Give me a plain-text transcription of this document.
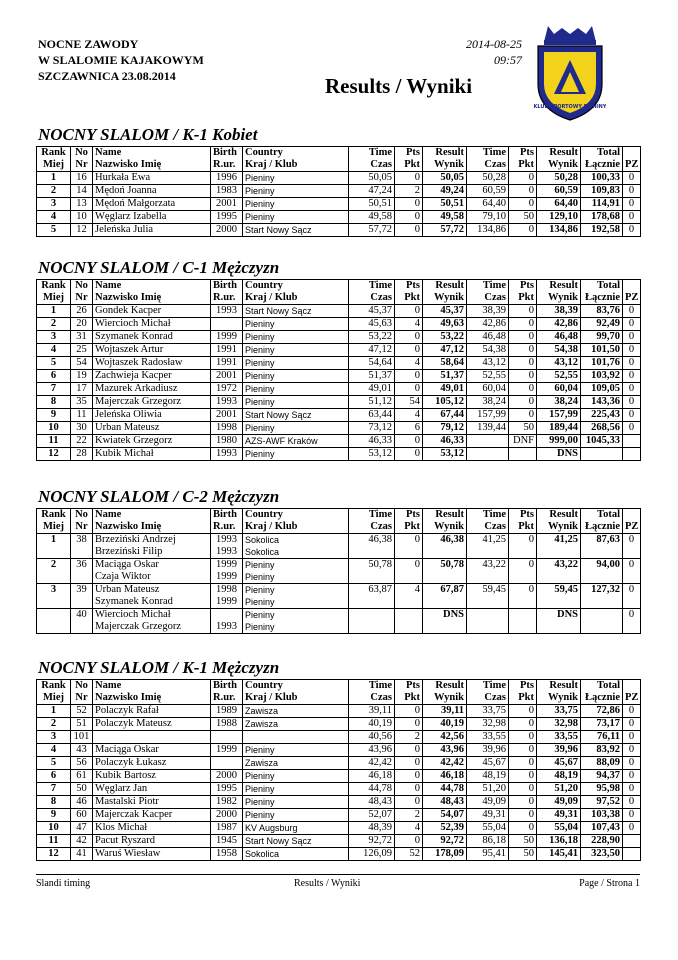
NOCNE ZAWODY
W SLALOMIE KAJAKOWYM
SZCZAWNICA 23.08.2014
2014-08-25
09:57
Results / Wyniki
KLUB SPORTOWY PIENINY
NOCNY SLALOM / K-1 Kobiet
Rank	No	Name	Birth	Country	Time	Pts	Result	Time	Pts	Result	Total	
Miej	Nr	Nazwisko Imię	R.ur.	Kraj / Klub	Czas	Pkt	Wynik	Czas	Pkt	Wynik	Łącznie	PZ
1	16	Hurkała Ewa	1996	Pieniny	50,05	0	50,05	50,28	0	50,28	100,33	0
2	14	Mędoń Joanna	1983	Pieniny	47,24	2	49,24	60,59	0	60,59	109,83	0
3	13	Mędoń Małgorzata	2001	Pieniny	50,51	0	50,51	64,40	0	64,40	114,91	0
4	10	Węglarz Izabella	1995	Pieniny	49,58	0	49,58	79,10	50	129,10	178,68	0
5	12	Jeleńska Julia	2000	Start Nowy Sącz	57,72	0	57,72	134,86	0	134,86	192,58	0
NOCNY SLALOM / C-1 Mężczyzn
Rank	No	Name	Birth	Country	Time	Pts	Result	Time	Pts	Result	Total	
Miej	Nr	Nazwisko Imię	R.ur.	Kraj / Klub	Czas	Pkt	Wynik	Czas	Pkt	Wynik	Łącznie	PZ
1	26	Gondek Kacper	1993	Start Nowy Sącz	45,37	0	45,37	38,39	0	38,39	83,76	0
2	20	Wiercioch Michał		Pieniny	45,63	4	49,63	42,86	0	42,86	92,49	0
3	31	Szymanek Konrad	1999	Pieniny	53,22	0	53,22	46,48	0	46,48	99,70	0
4	25	Wojtaszek Artur	1991	Pieniny	47,12	0	47,12	54,38	0	54,38	101,50	0
5	54	Wojtaszek Radosław	1991	Pieniny	54,64	4	58,64	43,12	0	43,12	101,76	0
6	19	Zachwieja Kacper	2001	Pieniny	51,37	0	51,37	52,55	0	52,55	103,92	0
7	17	Mazurek Arkadiusz	1972	Pieniny	49,01	0	49,01	60,04	0	60,04	109,05	0
8	35	Majerczak Grzegorz	1993	Pieniny	51,12	54	105,12	38,24	0	38,24	143,36	0
9	11	Jeleńska Oliwia	2001	Start Nowy Sącz	63,44	4	67,44	157,99	0	157,99	225,43	0
10	30	Urban Mateusz	1998	Pieniny	73,12	6	79,12	139,44	50	189,44	268,56	0
11	22	Kwiatek Grzegorz	1980	AZS-AWF Kraków	46,33	0	46,33		DNF	999,00	1045,33	
12	28	Kubik Michał	1993	Pieniny	53,12	0	53,12			DNS		
NOCNY SLALOM / C-2 Mężczyzn
Rank	No	Name	Birth	Country	Time	Pts	Result	Time	Pts	Result	Total	
Miej	Nr	Nazwisko Imię	R.ur.	Kraj / Klub	Czas	Pkt	Wynik	Czas	Pkt	Wynik	Łącznie	PZ
1	38	Brzeziński Andrzej	1993	Sokolica	46,38	0	46,38	41,25	0	41,25	87,63	0
		Brzeziński Filip	1993	Sokolica								
2	36	Maciąga Oskar	1999	Pieniny	50,78	0	50,78	43,22	0	43,22	94,00	0
		Czaja Wiktor	1999	Pieniny								
3	39	Urban Mateusz	1998	Pieniny	63,87	4	67,87	59,45	0	59,45	127,32	0
		Szymanek Konrad	1999	Pieniny								
	40	Wiercioch Michał		Pieniny			DNS			DNS		0
		Majerczak Grzegorz	1993	Pieniny								
NOCNY SLALOM / K-1 Mężczyzn
Rank	No	Name	Birth	Country	Time	Pts	Result	Time	Pts	Result	Total	
Miej	Nr	Nazwisko Imię	R.ur.	Kraj / Klub	Czas	Pkt	Wynik	Czas	Pkt	Wynik	Łącznie	PZ
1	52	Polaczyk Rafał	1989	Zawisza	39,11	0	39,11	33,75	0	33,75	72,86	0
2	51	Polaczyk Mateusz	1988	Zawisza	40,19	0	40,19	32,98	0	32,98	73,17	0
3	101				40,56	2	42,56	33,55	0	33,55	76,11	0
4	43	Maciąga Oskar	1999	Pieniny	43,96	0	43,96	39,96	0	39,96	83,92	0
5	56	Polaczyk Łukasz		Zawisza	42,42	0	42,42	45,67	0	45,67	88,09	0
6	61	Kubik Bartosz	2000	Pieniny	46,18	0	46,18	48,19	0	48,19	94,37	0
7	50	Węglarz Jan	1995	Pieniny	44,78	0	44,78	51,20	0	51,20	95,98	0
8	46	Mastalski Piotr	1982	Pieniny	48,43	0	48,43	49,09	0	49,09	97,52	0
9	60	Majerczak Kacper	2000	Pieniny	52,07	2	54,07	49,31	0	49,31	103,38	0
10	47	Klos Michał	1987	KV Augsburg	48,39	4	52,39	55,04	0	55,04	107,43	0
11	42	Pacut Ryszard	1945	Start Nowy Sącz	92,72	0	92,72	86,18	50	136,18	228,90	
12	41	Waruś Wiesław	1958	Sokolica	126,09	52	178,09	95,41	50	145,41	323,50	
Slandi timing	Results / Wyniki	Page / Strona 1
